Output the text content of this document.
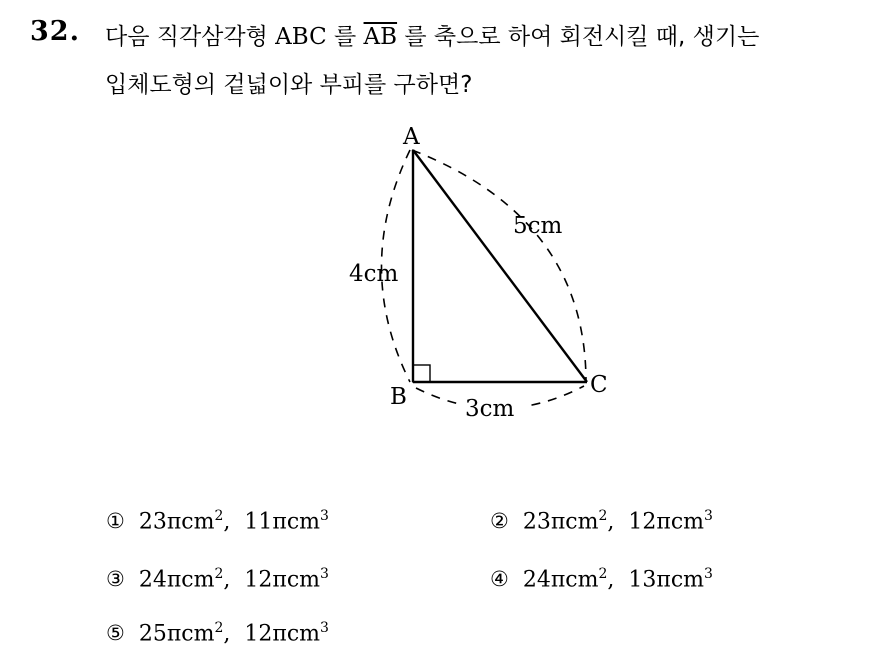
32. 다음 직각삼각형 ABC 를 $\overline{AB}$ 를 축으로 하여 회전시킬 때, 생기는
입체도형의 겉넓이와 부피를 구하면?
A
B	C
4cm
5cm
3cm
① 23πcm$^2$,  11πcm$^3$	② 23πcm$^2$,  12πcm$^3$
③ 24πcm$^2$,  12πcm$^3$	④ 24πcm$^2$,  13πcm$^3$
⑤ 25πcm$^2$,  12πcm$^3$
